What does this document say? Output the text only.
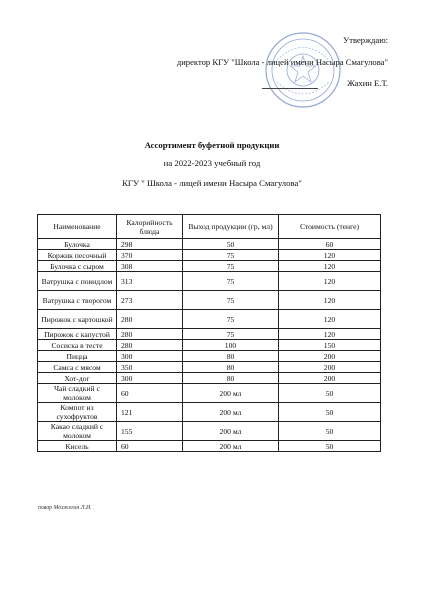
Утверждаю:
директор КГУ "Школа - лицей имени Насыра Смагулова"
Жахин Е.Т.
Ассортимент буфетной продукции
на 2022-2023 учебный год
КГУ " Школа - лицей имени Насыра Смагулова"
Наименование	Калорийность блюда	Выход продукции (гр, мл)	Стоимость (тенге)
Булочка	298	50	60
Коржик песочный	370	75	120
Булочка с сыром	308	75	120
Ватрушка с повидлом	313	75	120
Ватрушка с творогом	273	75	120
Пирожок с картошкой	280	75	120
Пирожок с капустой	280	75	120
Сосиска в тесте	280	100	150
Пицца	300	80	200
Самса с мясом	350	80	200
Хот-дог	300	80	200
Чай сладкий с молоком	60	200 мл	50
Компот из сухофруктов	121	200 мл	50
Какао сладкий с молоком	155	200 мл	50
Кисель	60	200 мл	50
повар Мозжегин Л.И.
